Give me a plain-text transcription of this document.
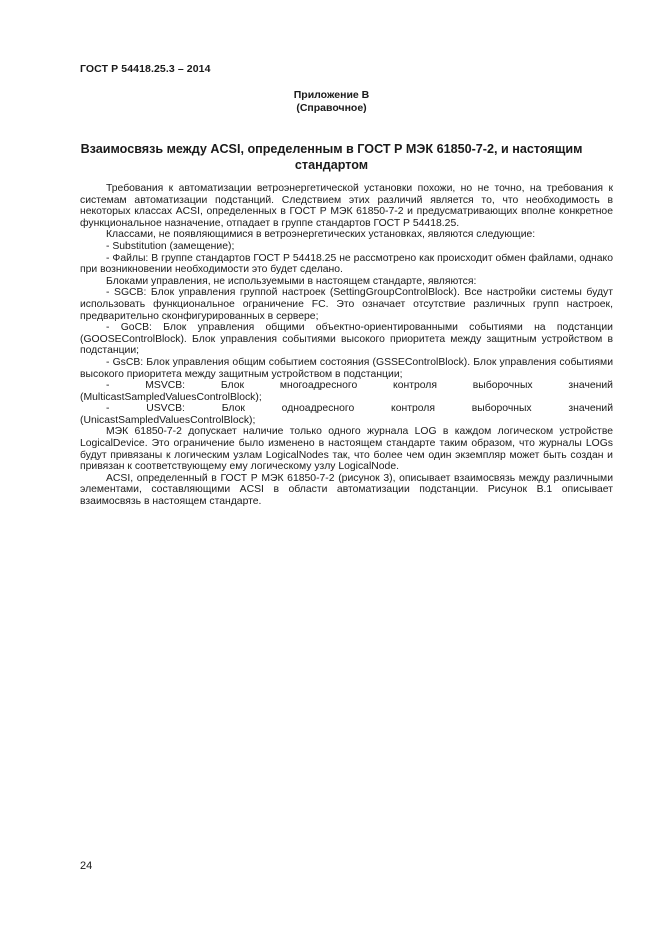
ГОСТ Р 54418.25.3 – 2014
Приложение В
(Справочное)
Взаимосвязь между ACSI, определенным в ГОСТ Р МЭК 61850-7-2, и настоящим стандартом

Требования к автоматизации ветроэнергетической установки похожи, но не точно, на требования к системам автоматизации подстанций. Следствием этих различий является то, что необходимость в некоторых классах ACSI, определенных в ГОСТ Р МЭК 61850-7-2 и предусматривающих вполне конкретное функциональное назначение, отпадает в группе стандартов ГОСТ Р 54418.25.

Классами, не появляющимися в ветроэнергетических установках, являются следующие:

- Substitution (замещение);

- Файлы: В группе стандартов ГОСТ Р 54418.25 не рассмотрено как происходит обмен файлами, однако при возникновении необходимости это будет сделано.

Блоками управления, не используемыми в настоящем стандарте, являются:

- SGCB: Блок управления группой настроек (SettingGroupControlBlock). Все настройки системы будут использовать функциональное ограничение FC. Это означает отсутствие различных групп настроек, предварительно сконфигурированных в сервере;

- GoCB: Блок управления общими объектно-ориентированными событиями на подстанции (GOOSEControlBlock). Блок управления событиями высокого приоритета между защитным устройством в подстанции;

- GsCB: Блок управления общим событием состояния (GSSEControlBlock). Блок управления событиями высокого приоритета между защитным устройством в подстанции;

- MSVCB: Блок многоадресного контроля выборочных значений

(MulticastSampledValuesControlBlock);

- USVCB: Блок одноадресного контроля выборочных значений

(UnicastSampledValuesControlBlock);

МЭК 61850-7-2 допускает наличие только одного журнала LOG в каждом логическом устройстве LogicalDevice. Это ограничение было изменено в настоящем стандарте таким образом, что журналы LOGs будут привязаны к логическим узлам LogicalNodes так, что более чем один экземпляр может быть создан и привязан к соответствующему ему логическому узлу LogicalNode.

ACSI, определенный в ГОСТ Р МЭК 61850-7-2 (рисунок 3), описывает взаимосвязь между различными элементами, составляющими ACSI в области автоматизации подстанции. Рисунок В.1 описывает взаимосвязь в настоящем стандарте.

24
